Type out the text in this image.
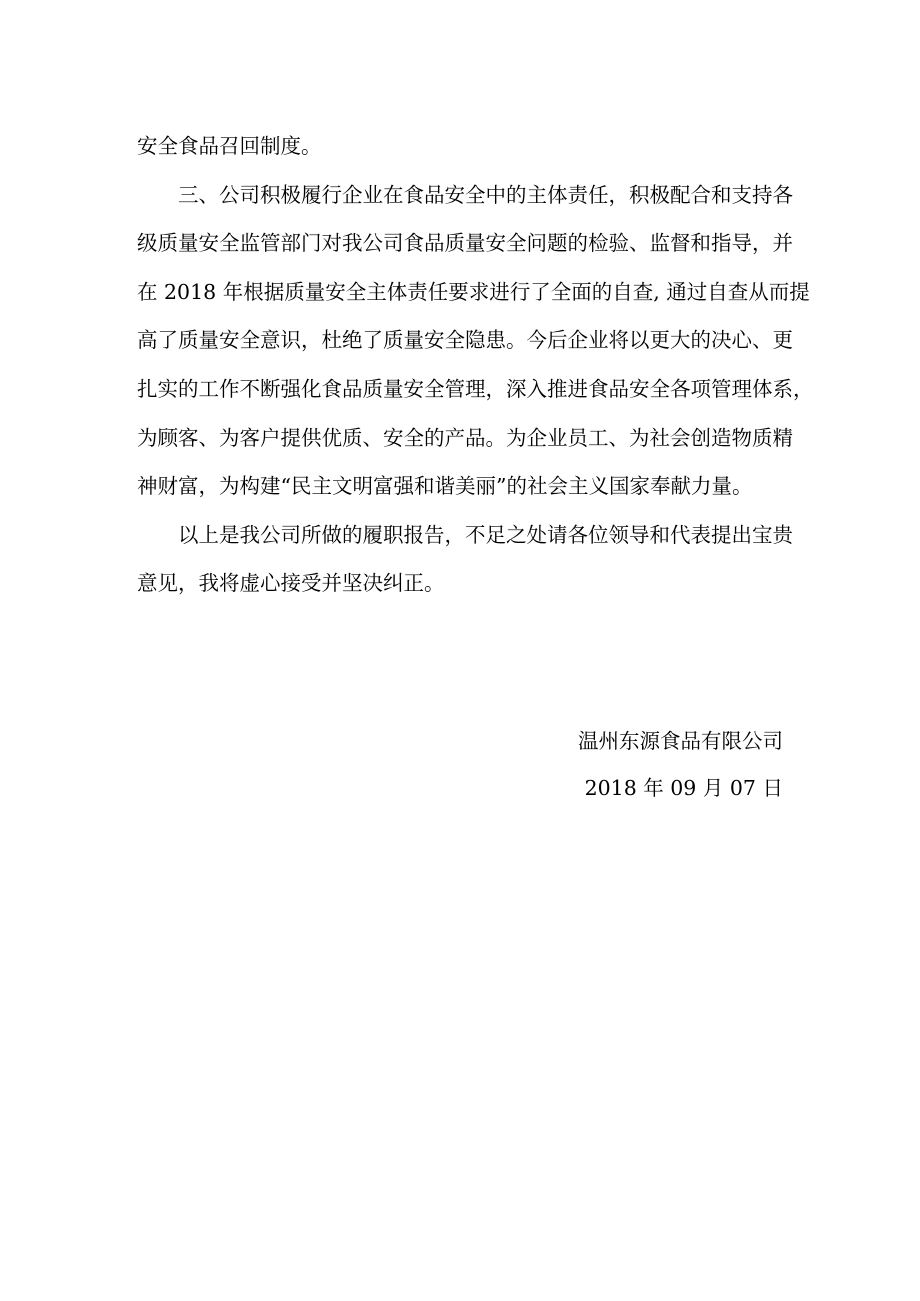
安全食品召回制度。
三、公司积极履行企业在食品安全中的主体责任，积极配合和支持各
级质量安全监管部门对我公司食品质量安全问题的检验、监督和指导，并
在 2018 年根据质量安全主体责任要求进行了全面的自查, 通过自查从而提
高了质量安全意识，杜绝了质量安全隐患。今后企业将以更大的决心、更
扎实的工作不断强化食品质量安全管理，深入推进食品安全各项管理体系，
为顾客、为客户提供优质、安全的产品。为企业员工、为社会创造物质精
神财富，为构建“民主文明富强和谐美丽”的社会主义国家奉献力量。
以上是我公司所做的履职报告，不足之处请各位领导和代表提出宝贵
意见，我将虚心接受并坚决纠正。
温州东源食品有限公司
2018 年 09 月 07 日
